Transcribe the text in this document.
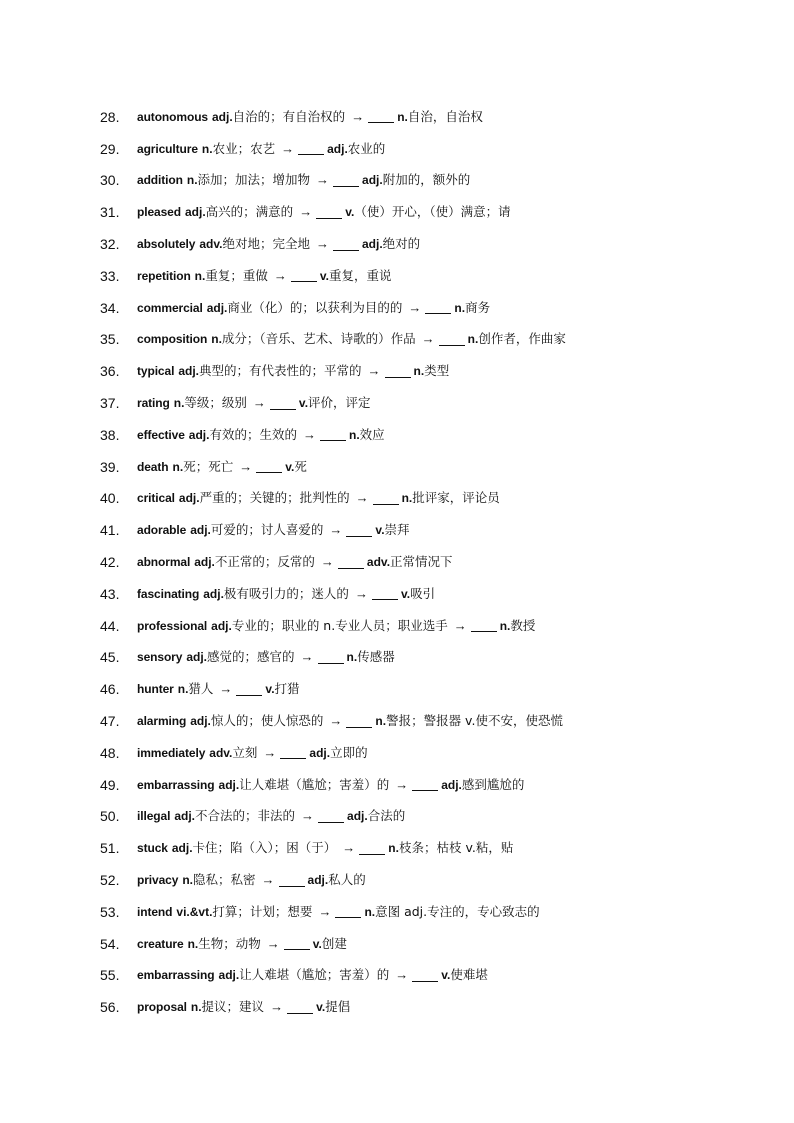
28.	autonomous adj. 自治的；有自治权的 →	n. 自治，自治权
29.	agriculture n. 农业；农艺 →	adj. 农业的
30.	addition n. 添加；加法；增加物 →	adj. 附加的，额外的
31.	pleased adj. 高兴的；满意的 →	v. （使）开心，（使）满意；请
32.	absolutely adv. 绝对地；完全地 →	adj. 绝对的
33.	repetition n. 重复；重做 →	v. 重复，重说
34.	commercial adj. 商业（化）的；以获利为目的的 →	n. 商务
35.	composition n. 成分；（音乐、艺术、诗歌的）作品 →	n. 创作者，作曲家
36.	typical adj. 典型的；有代表性的；平常的 →	n. 类型
37.	rating n. 等级；级别 →	v. 评价，评定
38.	effective adj. 有效的；生效的 →	n. 效应
39.	death n. 死；死亡 →	v. 死
40.	critical adj. 严重的；关键的；批判性的 →	n. 批评家，评论员
41.	adorable adj. 可爱的；讨人喜爱的 →	v. 崇拜
42.	abnormal adj. 不正常的；反常的 →	adv. 正常情况下
43.	fascinating adj. 极有吸引力的；迷人的 →	v. 吸引
44.	professional adj. 专业的；职业的 n.专业人员；职业选手 →	n. 教授
45.	sensory adj. 感觉的；感官的 →	n. 传感器
46.	hunter n. 猎人 →	v. 打猎
47.	alarming adj. 惊人的；使人惊恐的 →	n. 警报；警报器 v.使不安，使恐慌
48.	immediately adv. 立刻 →	adj. 立即的
49.	embarrassing adj. 让人难堪（尴尬；害羞）的 →	adj. 感到尴尬的
50.	illegal adj. 不合法的；非法的 →	adj. 合法的
51.	stuck adj. 卡住；陷（入）；困（于） →	n. 枝条；枯枝 v.粘，贴
52.	privacy n. 隐私；私密 →	adj. 私人的
53.	intend vi.&vt. 打算；计划；想要 →	n. 意图 adj.专注的，专心致志的
54.	creature n. 生物；动物 →	v. 创建
55.	embarrassing adj. 让人难堪（尴尬；害羞）的 →	v. 使难堪
56.	proposal n. 提议；建议 →	v. 提倡
